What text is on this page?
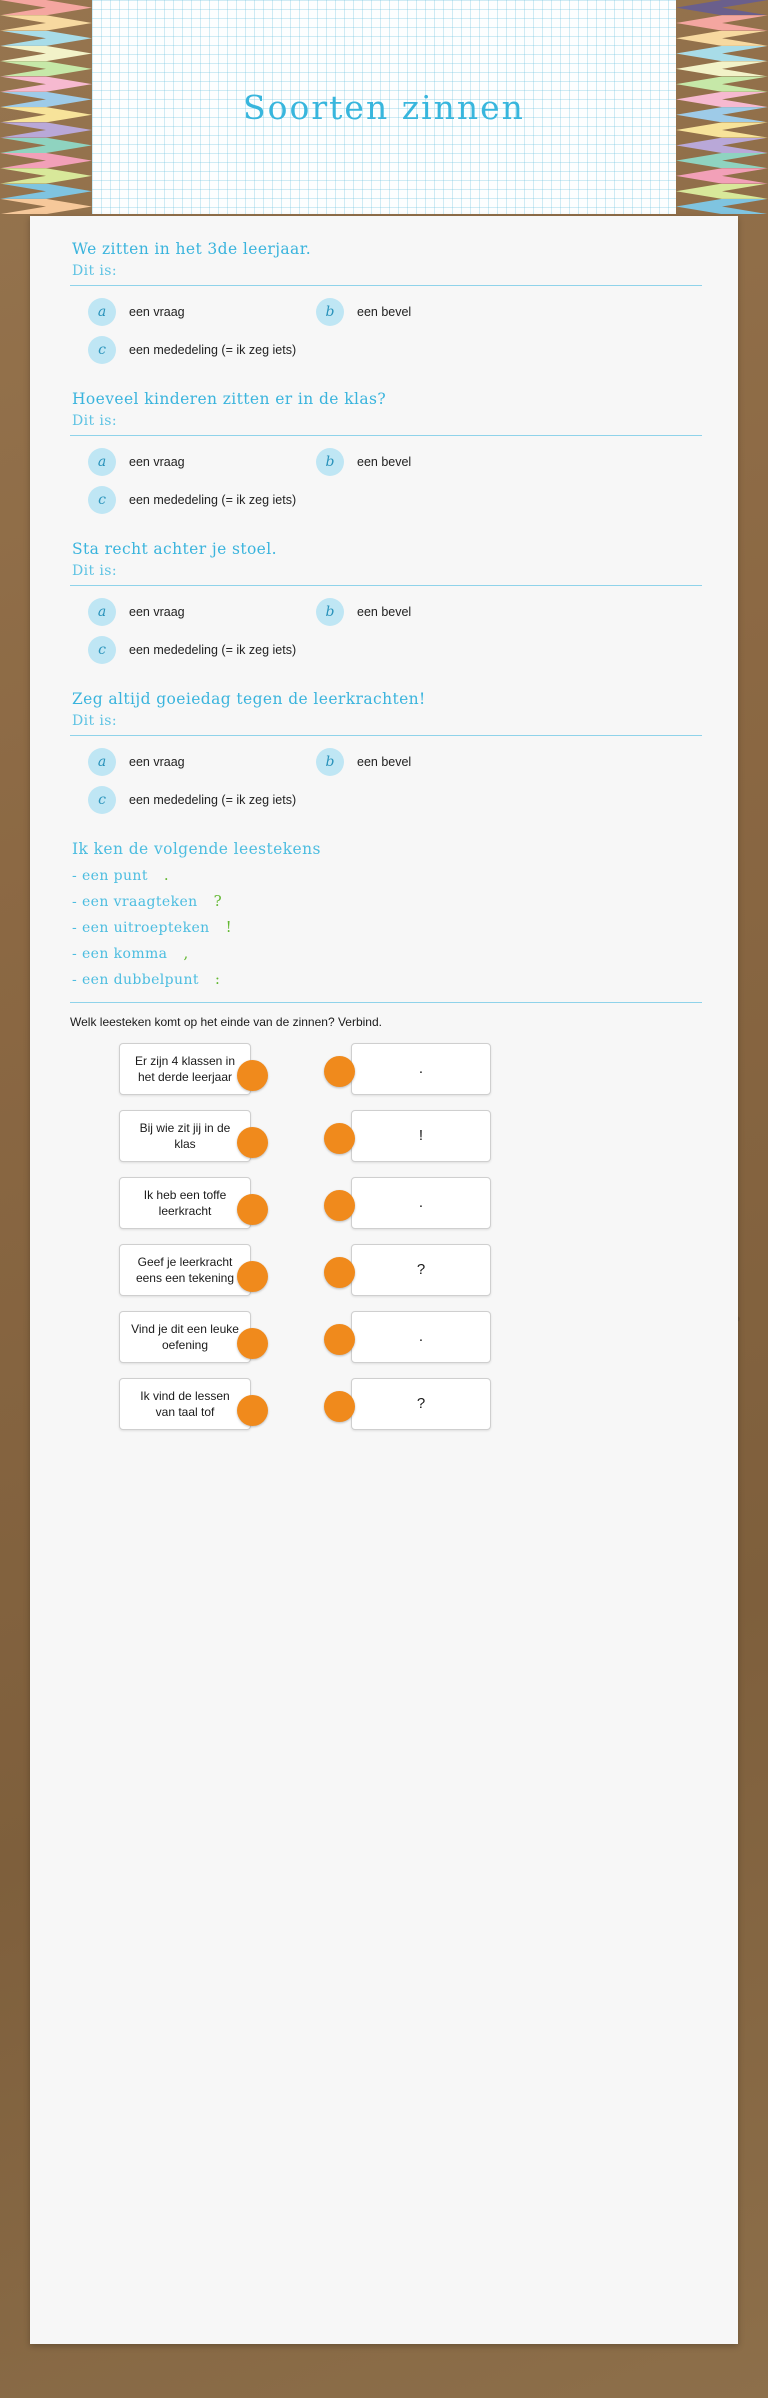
Soorten zinnen

We zitten in het 3de leerjaar.

Dit is:

a	een vraag	b	een bevel
c	een mededeling (= ik zeg iets)

Hoeveel kinderen zitten er in de klas?

Dit is:

a	een vraag	b	een bevel
c	een mededeling (= ik zeg iets)

Sta recht achter je stoel.

Dit is:

a	een vraag	b	een bevel
c	een mededeling (= ik zeg iets)

Zeg altijd goeiedag tegen de leerkrachten!

Dit is:

a	een vraag	b	een bevel
c	een mededeling (= ik zeg iets)

Ik ken de volgende leestekens

- een punt .

- een vraagteken ?

- een uitroepteken !

- een komma ,

- een dubbelpunt :

Welk leesteken komt op het einde van de zinnen? Verbind.

Er zijn 4 klassen in het derde leerjaar
.
Bij wie zit jij in de klas
!
Ik heb een toffe leerkracht
.
Geef je leerkracht eens een tekening
?
Vind je dit een leuke oefening
.
Ik vind de lessen van taal tof
?
